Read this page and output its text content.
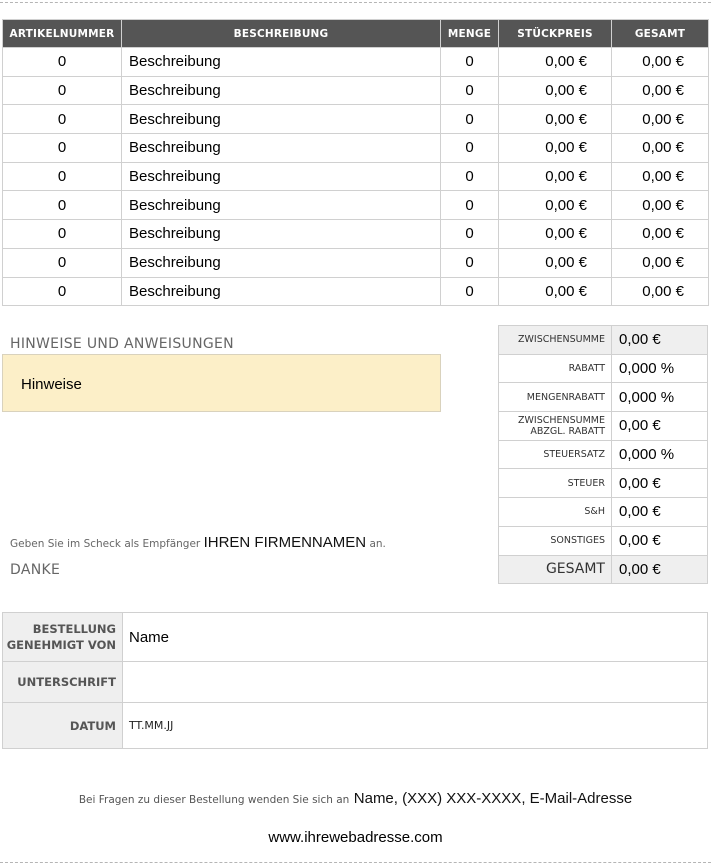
ARTIKELNUMMER	BESCHREIBUNG	MENGE	STÜCKPREIS	GESAMT
0	Beschreibung	0	0,00 €	0,00 €
0	Beschreibung	0	0,00 €	0,00 €
0	Beschreibung	0	0,00 €	0,00 €
0	Beschreibung	0	0,00 €	0,00 €
0	Beschreibung	0	0,00 €	0,00 €
0	Beschreibung	0	0,00 €	0,00 €
0	Beschreibung	0	0,00 €	0,00 €
0	Beschreibung	0	0,00 €	0,00 €
0	Beschreibung	0	0,00 €	0,00 €
HINWEISE UND ANWEISUNGEN
Hinweise
Geben Sie im Scheck als Empfänger IHREN FIRMENNAMEN an.
DANKE
ZWISCHENSUMME	0,00 €
RABATT	0,000 %
MENGENRABATT	0,000 %
ZWISCHENSUMME ABZGL. RABATT	0,00 €
STEUERSATZ	0,000 %
STEUER	0,00 €
S&H	0,00 €
SONSTIGES	0,00 €
GESAMT	0,00 €
BESTELLUNG GENEHMIGT VON	Name
UNTERSCHRIFT	
DATUM	TT.MM.JJ
Bei Fragen zu dieser Bestellung wenden Sie sich an Name, (XXX) XXX-XXXX, E-Mail-Adresse
www.ihrewebadresse.com
